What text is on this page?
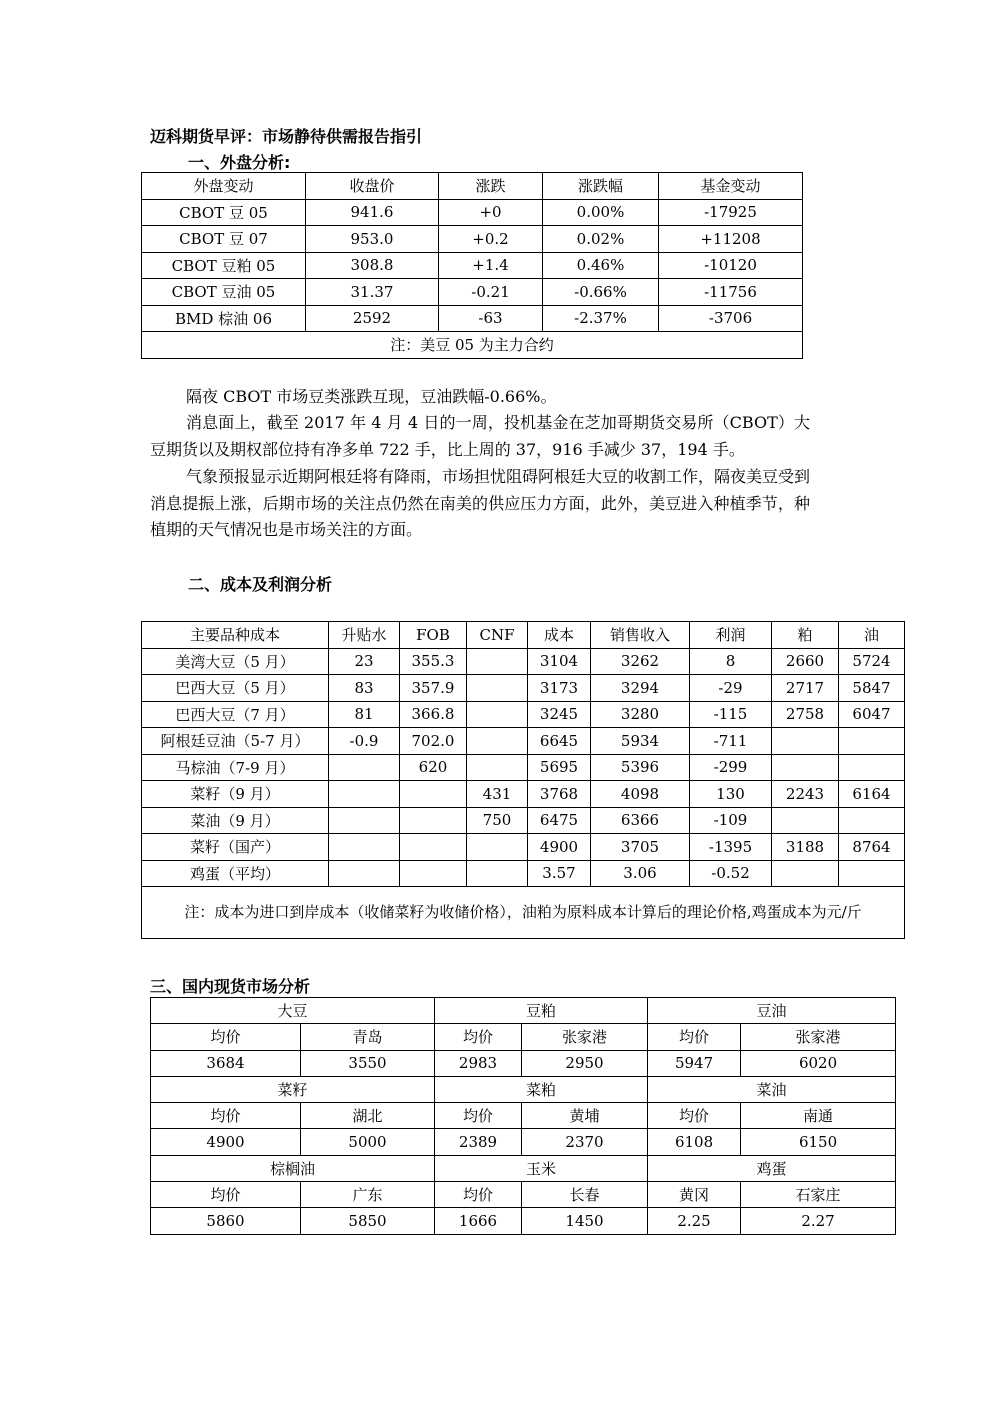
迈科期货早评：市场静待供需报告指引
一、外盘分析:
外盘变动	收盘价	涨跌	涨跌幅	基金变动
CBOT 豆 05	941.6	+0	0.00%	-17925
CBOT 豆 07	953.0	+0.2	0.02%	+11208
CBOT 豆粕 05	308.8	+1.4	0.46%	-10120
CBOT 豆油 05	31.37	-0.21	-0.66%	-11756
BMD 棕油 06	2592	-63	-2.37%	-3706
注：美豆 05 为主力合约				
隔夜 CBOT 市场豆类涨跌互现，豆油跌幅-0.66%。
消息面上，截至 2017 年 4 月 4 日的一周，投机基金在芝加哥期货交易所（CBOT）大豆期货以及期权部位持有净多单 722 手，比上周的 37，916 手减少 37，194 手。
气象预报显示近期阿根廷将有降雨，市场担忧阻碍阿根廷大豆的收割工作，隔夜美豆受到消息提振上涨，后期市场的关注点仍然在南美的供应压力方面，此外，美豆进入种植季节，种植期的天气情况也是市场关注的方面。
二、成本及利润分析
主要品种成本	升贴水	FOB	CNF	成本	销售收入	利润	粕	油
美湾大豆（5 月）	23	355.3		3104	3262	8	2660	5724
巴西大豆（5 月）	83	357.9		3173	3294	-29	2717	5847
巴西大豆（7 月）	81	366.8		3245	3280	-115	2758	6047
阿根廷豆油（5-7 月）	-0.9	702.0		6645	5934	-711		
马棕油（7-9 月）		620		5695	5396	-299		
菜籽（9 月）			431	3768	4098	130	2243	6164
菜油（9 月）			750	6475	6366	-109		
菜籽（国产）				4900	3705	-1395	3188	8764
鸡蛋（平均）				3.57	3.06	-0.52		
注：成本为进口到岸成本（收储菜籽为收储价格），油粕为原料成本计算后的理论价格,鸡蛋成本为元/斤								
三、国内现货市场分析
大豆		豆粕		豆油	
均价	青岛	均价	张家港	均价	张家港
3684	3550	2983	2950	5947	6020
菜籽		菜粕		菜油	
均价	湖北	均价	黄埔	均价	南通
4900	5000	2389	2370	6108	6150
棕榈油		玉米		鸡蛋	
均价	广东	均价	长春	黄冈	石家庄
5860	5850	1666	1450	2.25	2.27
